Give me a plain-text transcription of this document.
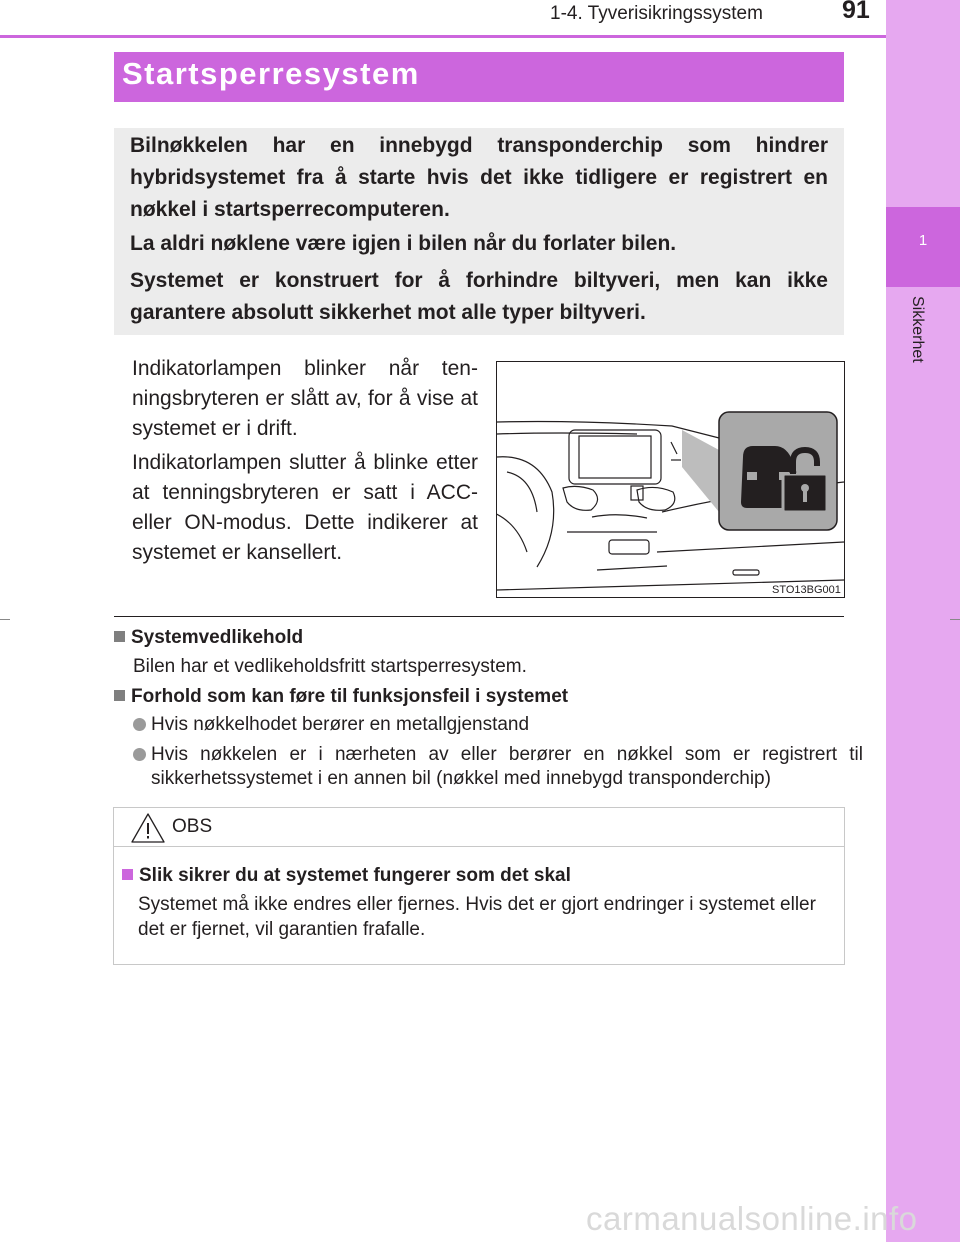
1
Sikkerhet
1-4. Tyverisikringssystem	91
Startsperresystem

Bilnøkkelen har en innebygd transponderchip som hindrer hybridsystemet fra å starte hvis det ikke tidligere er registrert en nøkkel i startsperrecomputeren.

La aldri nøklene være igjen i bilen når du forlater bilen.

Systemet er konstruert for å forhindre biltyveri, men kan ikke garantere absolutt sikkerhet mot alle typer biltyveri.

Indikatorlampen blinker når tenningsbryteren er slått av, for å vise at systemet er i drift.

Indikatorlampen slutter å blinke etter at tenningsbryteren er satt i ACC- eller ON-modus. Dette indikerer at systemet er kansellert.

STO13BG001
Systemvedlikehold
Bilen har et vedlikeholdsfritt startsperresystem.
Forhold som kan føre til funksjonsfeil i systemet
Hvis nøkkelhodet berører en metallgjenstand
Hvis nøkkelen er i nærheten av eller berører en nøkkel som er registrert til sikkerhetssystemet i en annen bil (nøkkel med innebygd transponderchip)
OBS
Slik sikrer du at systemet fungerer som det skal

Systemet må ikke endres eller fjernes. Hvis det er gjort endringer i systemet eller det er fjernet, vil garantien frafalle.

carmanualsonline.info
